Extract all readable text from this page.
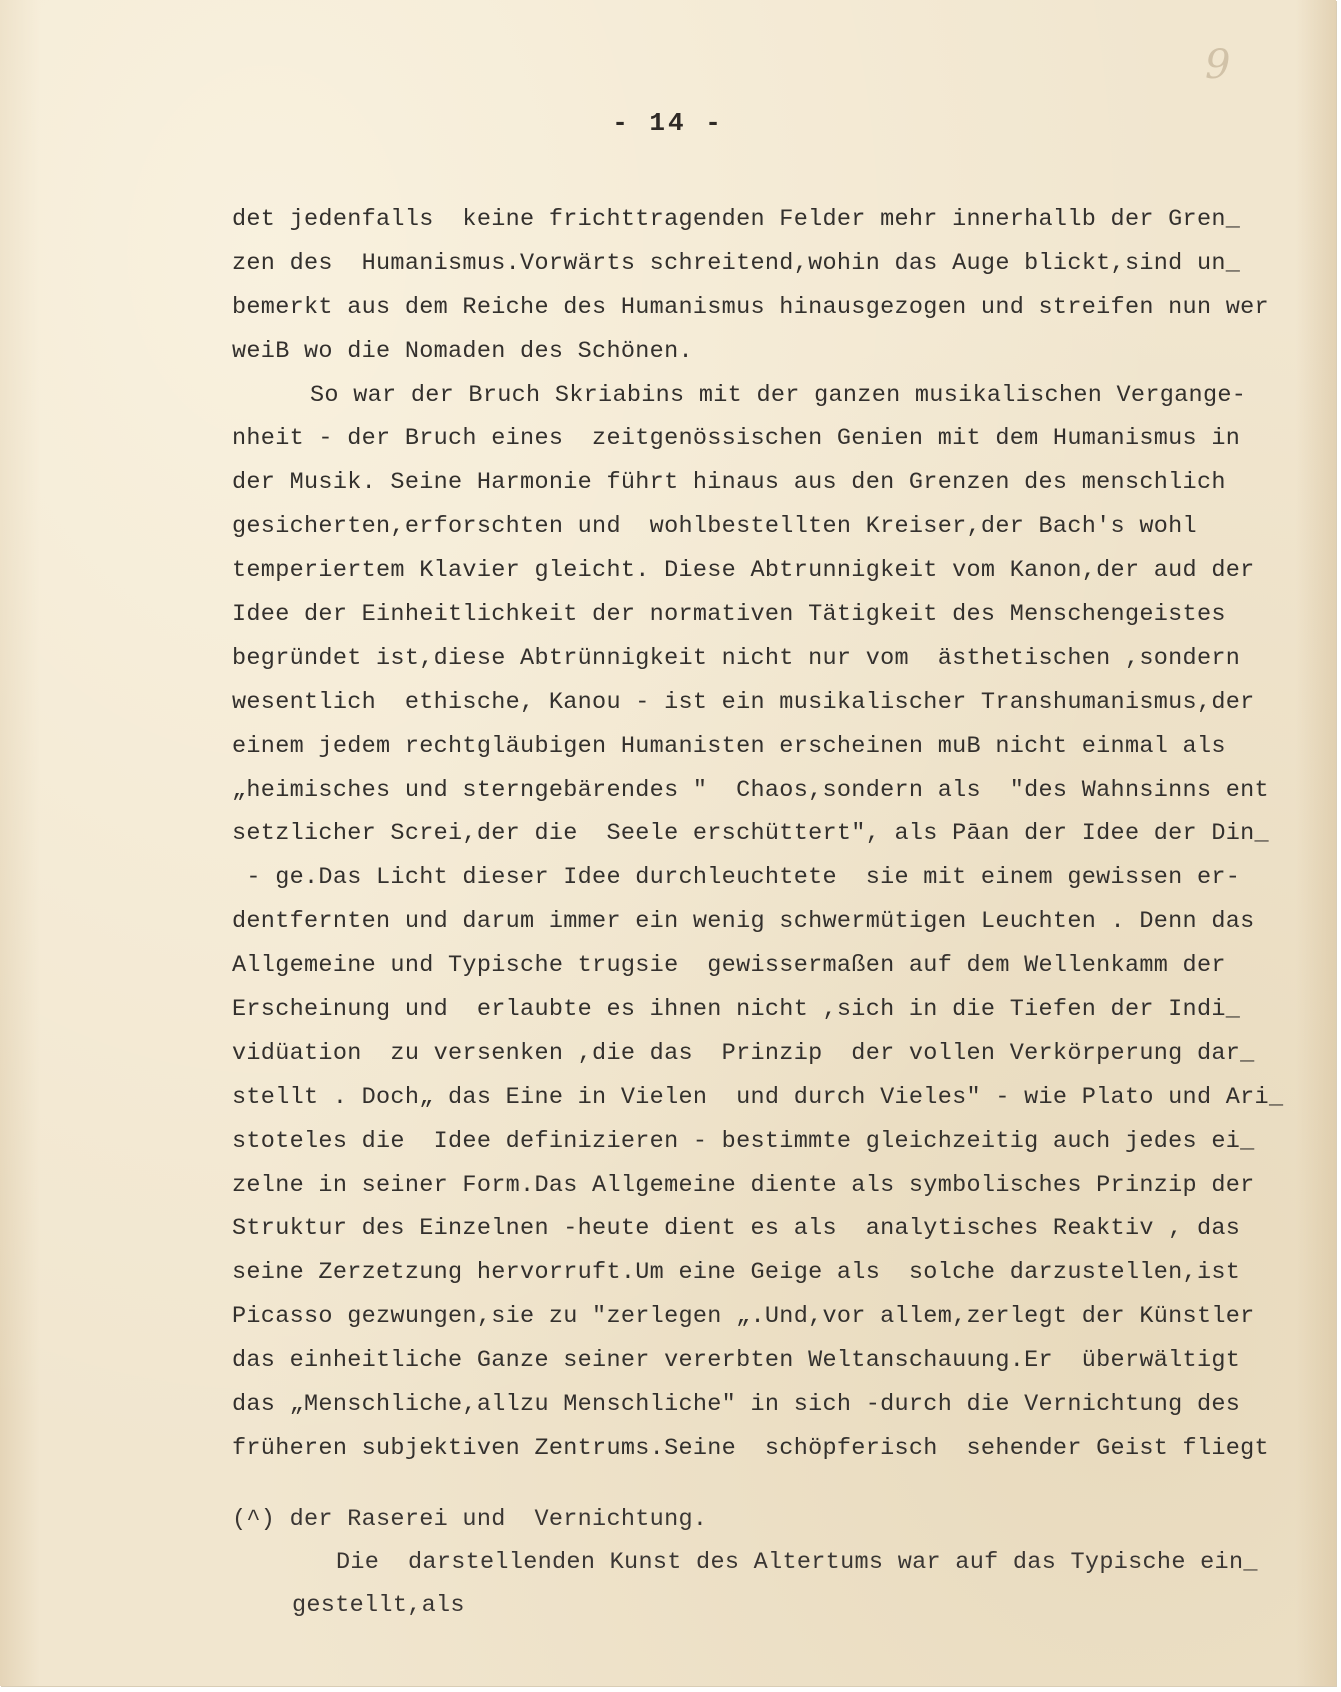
9
- 14 -
det jedenfalls  keine frichttragenden Felder mehr innerhallb der Gren_
zen des  Humanismus.Vorwärts schreitend,wohin das Auge blickt,sind un_
bemerkt aus dem Reiche des Humanismus hinausgezogen und streifen nun wer
weiB wo die Nomaden des Schönen.
So war der Bruch Skriabins mit der ganzen musikalischen Vergange-
nheit - der Bruch eines  zeitgenössischen Genien mit dem Humanismus in
der Musik. Seine Harmonie führt hinaus aus den Grenzen des menschlich
gesicherten,erforschten und  wohlbestellten Kreiser,der Bach's wohl
temperiertem Klavier gleicht. Diese Abtrunnigkeit vom Kanon,der aud der
Idee der Einheitlichkeit der normativen Tätigkeit des Menschengeistes
begründet ist,diese Abtrünnigkeit nicht nur vom  ästhetischen ,sondern
wesentlich  ethische, Kanou - ist ein musikalischer Transhumanismus,der
einem jedem rechtgläubigen Humanisten erscheinen muB nicht einmal als
„heimisches und sterngebärendes "  Chaos,sondern als  "des Wahnsinns ent
setzlicher Screi,der die  Seele erschüttert", als Pāan der Idee der Din_
- ge.Das Licht dieser Idee durchleuchtete  sie mit einem gewissen er-
dentfernten und darum immer ein wenig schwermütigen Leuchten . Denn das
Allgemeine und Typische trugsie  gewissermaßen auf dem Wellenkamm der
Erscheinung und  erlaubte es ihnen nicht ,sich in die Tiefen der Indi_
vidüation  zu versenken ,die das  Prinzip  der vollen Verkörperung dar_
stellt . Doch„ das Eine in Vielen  und durch Vieles" - wie Plato und Ari_
stoteles die  Idee definizieren - bestimmte gleichzeitig auch jedes ei_
zelne in seiner Form.Das Allgemeine diente als symbolisches Prinzip der
Struktur des Einzelnen -heute dient es als  analytisches Reaktiv , das
seine Zerzetzung hervorruft.Um eine Geige als  solche darzustellen,ist
Picasso gezwungen,sie zu "zerlegen „.Und,vor allem,zerlegt der Künstler
das einheitliche Ganze seiner vererbten Weltanschauung.Er  überwältigt
das „Menschliche,allzu Menschliche" in sich -durch die Vernichtung des
früheren subjektiven Zentrums.Seine  schöpferisch  sehender Geist fliegt
(^) der Raserei und  Vernichtung.
Die  darstellenden Kunst des Altertums war auf das Typische ein_
gestellt,als
